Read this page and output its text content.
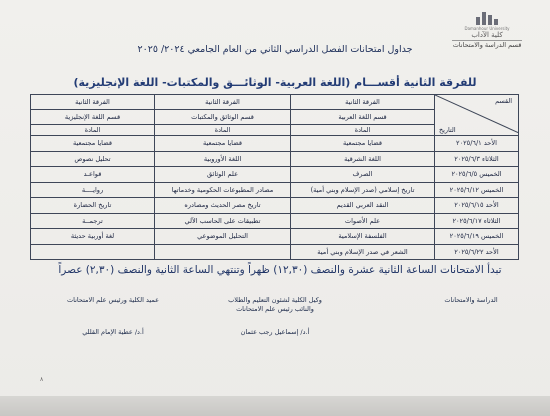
Damanhour University
كلية الآداب
قسم الدراسة والامتحانات
جداول امتحانات الفصل الدراسي الثاني من العام الجامعي ٢٠٢٤/ ٢٠٢٥
للفرقة الثانية أقســـام (اللغة العربية- الوثائـــق والمكتبات- اللغة الإنجليزية)
القسم
التاريخ	الفرقة الثانية	الفرقة الثانية	الفرقة الثانية
	قسم اللغة العربية	قسم الوثائق والمكتبات	قسم اللغة الإنجليزية
	المادة	المادة	المادة
الأحد ٢٠٢٥/٦/١	قضايا مجتمعية	قضايا مجتمعية	قضايا مجتمعية
الثلاثاء ٢٠٢٥/٦/٣	اللغة الشرقية	اللغة الأوروبية	تحليل نصوص
الخميس ٢٠٢٥/٦/٥	الصرف	علم الوثائق	قواعـد
الخميس ٢٠٢٥/٦/١٢	تاريخ إسلامي (صدر الإسلام وبني أمية)	مصادر المطبوعات الحكومية وخدماتها	روايــــة
الأحد ٢٠٢٥/٦/١٥	النقد العربي القديم	تاريخ مصر الحديث ومصادره	تاريخ الحضارة
الثلاثاء ٢٠٢٥/٦/١٧	علم الأصوات	تطبيقات على الحاسب الآلي	ترجمــة
الخميس ٢٠٢٥/٦/١٩	الفلسفة الإسلامية	التحليل الموضوعي	لغة أوربية حديثة
الأحد ٢٠٢٥/٦/٢٢	الشعر في صدر الإسلام وبني أمية		
تبدأ الامتحانات الساعة الثانية عشرة والنصف (١٢,٣٠) ظهراً وتنتهي الساعة الثانية والنصف (٢,٣٠) عصراً
الدراسة والامتحانات
وكيل الكلية لشئون التعليم والطلاب
والنائب رئيس علم الامتحانات
أ.د/ إسماعيل رجب عثمان
عميد الكلية ورئيس علم الامتحانات
أ.د/ عطية الإمام القللي
٨
